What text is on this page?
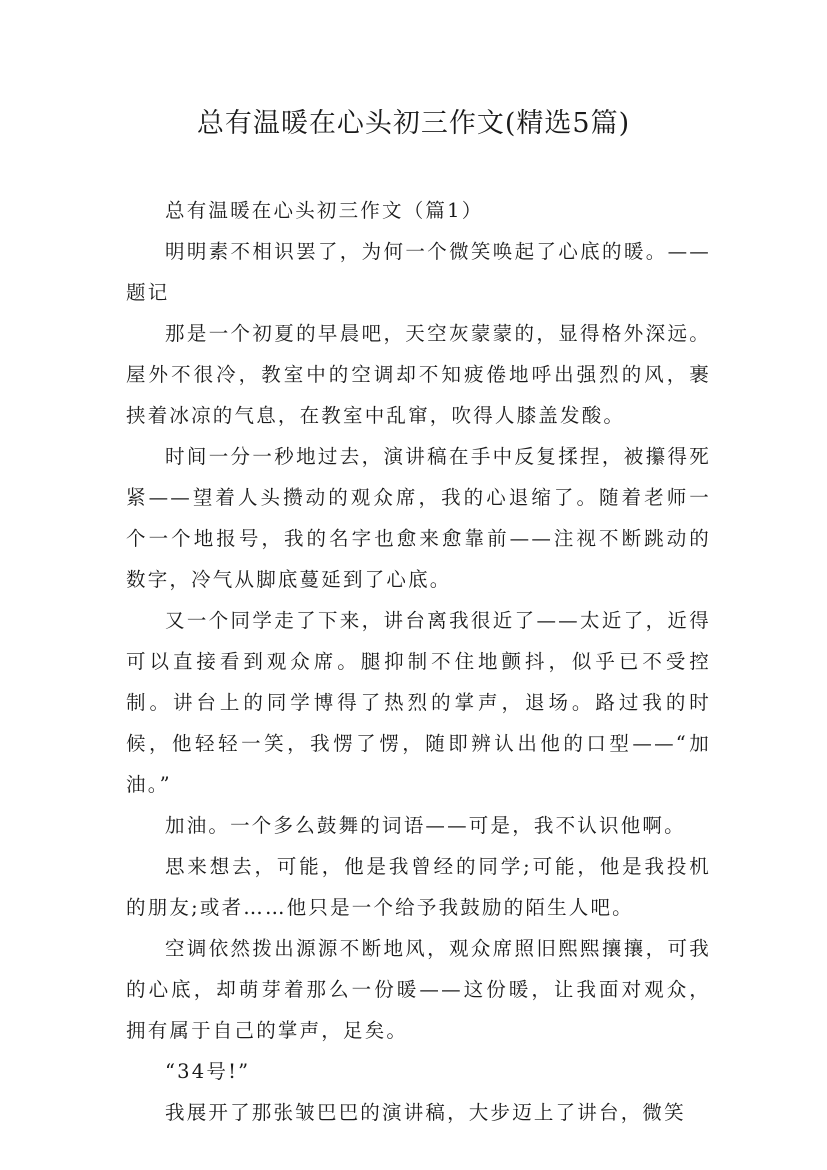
总有温暖在心头初三作文(精选5篇)

总有温暖在心头初三作文（篇1）

明明素不相识罢了，为何一个微笑唤起了心底的暖。——题记

那是一个初夏的早晨吧，天空灰蒙蒙的，显得格外深远。屋外不很冷，教室中的空调却不知疲倦地呼出强烈的风，裹挟着冰凉的气息，在教室中乱窜，吹得人膝盖发酸。

时间一分一秒地过去，演讲稿在手中反复揉捏，被攥得死紧——望着人头攒动的观众席，我的心退缩了。随着老师一个一个地报号，我的名字也愈来愈靠前——注视不断跳动的数字，冷气从脚底蔓延到了心底。

又一个同学走了下来，讲台离我很近了——太近了，近得可以直接看到观众席。腿抑制不住地颤抖，似乎已不受控制。讲台上的同学博得了热烈的掌声，退场。路过我的时候，他轻轻一笑，我愣了愣，随即辨认出他的口型——“加油。”

加油。一个多么鼓舞的词语——可是，我不认识他啊。

思来想去，可能，他是我曾经的同学;可能，他是我投机的朋友;或者……他只是一个给予我鼓励的陌生人吧。

空调依然拨出源源不断地风，观众席照旧熙熙攘攘，可我的心底，却萌芽着那么一份暖——这份暖，让我面对观众，拥有属于自己的掌声，足矣。

“34号!”

我展开了那张皱巴巴的演讲稿，大步迈上了讲台，微笑
